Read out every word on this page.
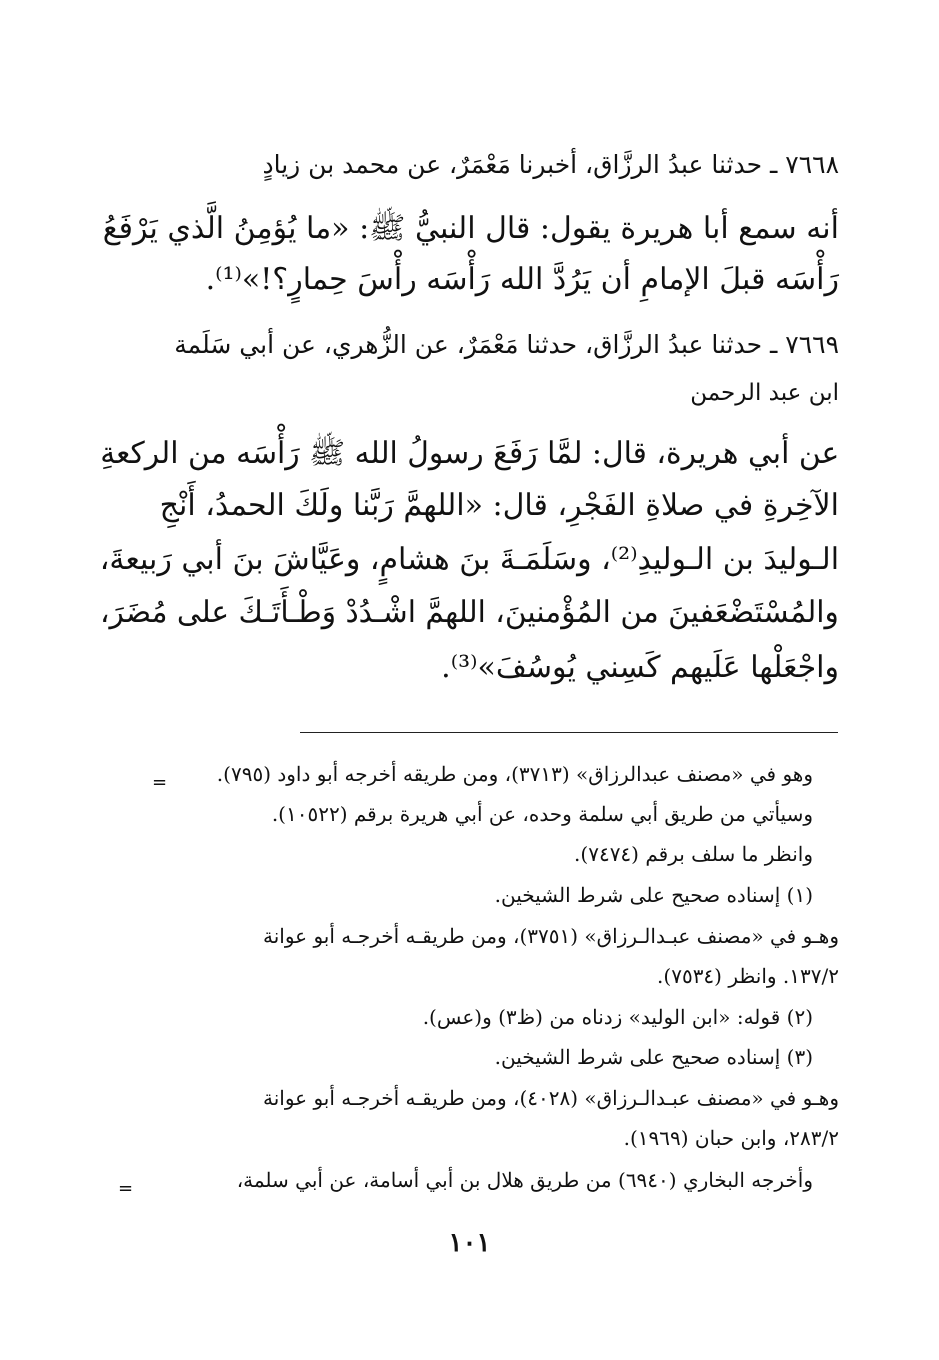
٧٦٦٨ ـ حدثنا عبدُ الرزَّاق، أخبرنا مَعْمَرٌ، عن محمد بن زيادٍ
أنه سمع أبا هريرة يقول: قال النبيُّ ﷺ: «ما يُؤمِنُ الَّذي يَرْفَعُ
رَأْسَه قبلَ الإمامِ أن يَرُدَّ الله رَأْسَه رأْسَ حِمارٍ؟!»⁽¹⁾.
٧٦٦٩ ـ حدثنا عبدُ الرزَّاق، حدثنا مَعْمَرٌ، عن الزُّهري، عن أبي سَلَمة
ابن عبد الرحمن
عن أبي هريرة، قال: لمَّا رَفَعَ رسولُ الله ﷺ رَأْسَه من الركعةِ
الآخِرةِ في صلاةِ الفَجْرِ، قال: «اللهمَّ رَبَّنا ولَكَ الحمدُ، أَنْجِ
الـوليدَ بن الـوليدِ⁽²⁾، وسَلَمَـةَ بنَ هشامٍ، وعَيَّاشَ بنَ أبي رَبيعةَ،
والمُسْتَضْعَفينَ من المُؤْمنينَ، اللهمَّ اشْـدُدْ وَطْـأَتَـكَ على مُضَرَ،
واجْعَلْها عَلَيهم كَسِني يُوسُفَ»⁽³⁾.
= وهو في «مصنف عبدالرزاق» (٣٧١٣)، ومن طريقه أخرجه أبو داود (٧٩٥).
وسيأتي من طريق أبي سلمة وحده، عن أبي هريرة برقم (١٠٥٢٢).
وانظر ما سلف برقم (٧٤٧٤).
(١) إسناده صحيح على شرط الشيخين.
وهـو في «مصنف عبـدالـرزاق» (٣٧٥١)، ومن طريقـه أخرجـه أبو عوانة
١٣٧/٢. وانظر (٧٥٣٤).
(٢) قوله: «ابن الوليد» زدناه من (ظ٣) و(عس).
(٣) إسناده صحيح على شرط الشيخين.
وهـو في «مصنف عبـدالـرزاق» (٤٠٢٨)، ومن طريقـه أخرجـه أبو عوانة
٢٨٣/٢، وابن حبان (١٩٦٩).
وأخرجه البخاري (٦٩٤٠) من طريق هلال بن أبي أسامة، عن أبي سلمة،
=
١٠١
